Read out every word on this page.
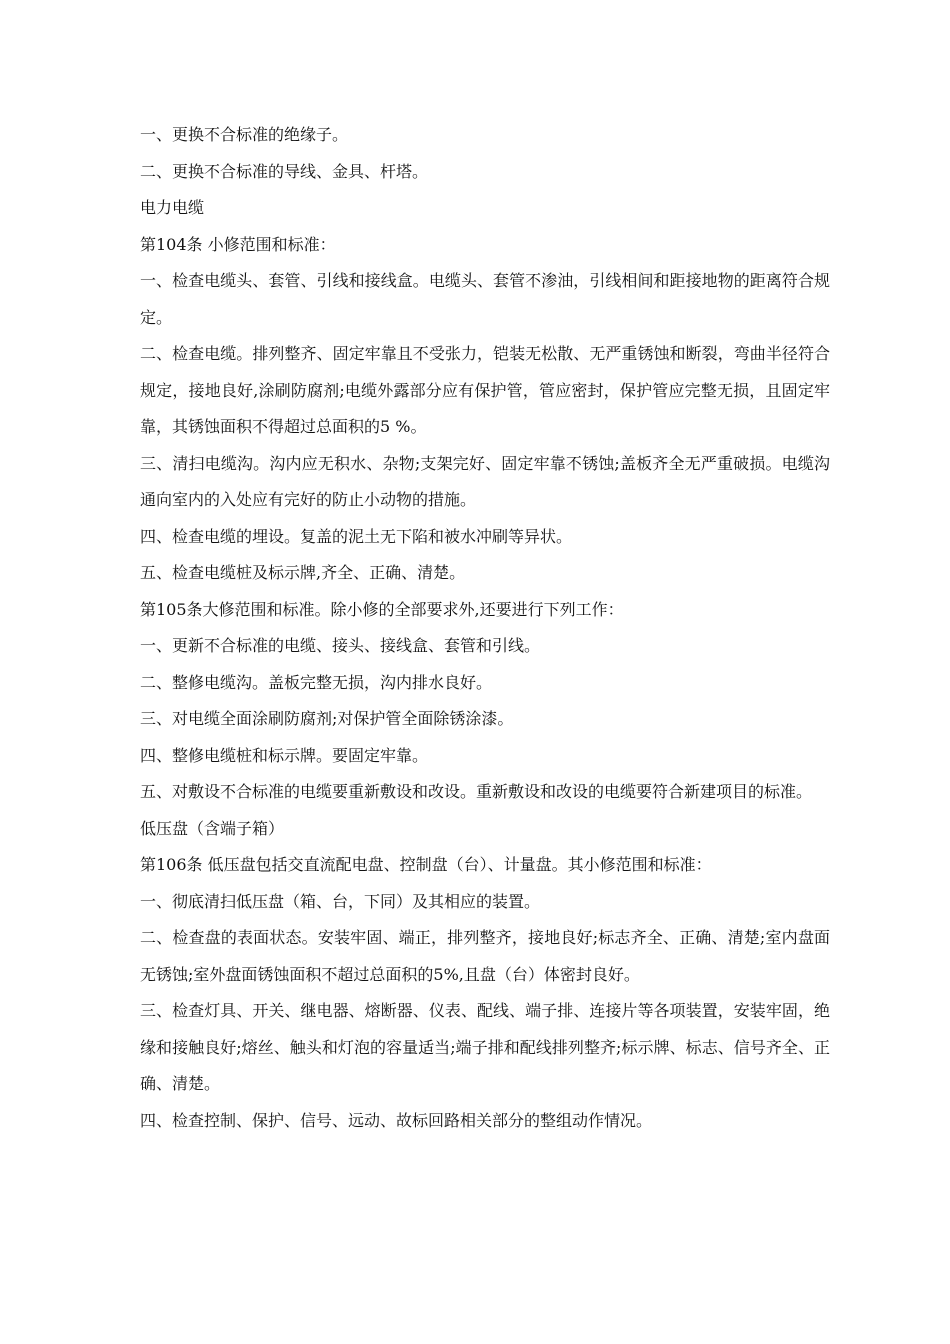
一、更换不合标准的绝缘子。

二、更换不合标准的导线、金具、杆塔。

电力电缆

第104条 小修范围和标准：

一、检查电缆头、套管、引线和接线盒。电缆头、套管不渗油，引线相间和距接地物的距离符合规定。

二、检查电缆。排列整齐、固定牢靠且不受张力，铠装无松散、无严重锈蚀和断裂，弯曲半径符合规定，接地良好,涂刷防腐剂;电缆外露部分应有保护管，管应密封，保护管应完整无损，且固定牢靠，其锈蚀面积不得超过总面积的5 %。

三、清扫电缆沟。沟内应无积水、杂物;支架完好、固定牢靠不锈蚀;盖板齐全无严重破损。电缆沟通向室内的入处应有完好的防止小动物的措施。

四、检查电缆的埋设。复盖的泥土无下陷和被水冲刷等异状。

五、检查电缆桩及标示牌,齐全、正确、清楚。

第105条大修范围和标准。除小修的全部要求外,还要进行下列工作：

一、更新不合标准的电缆、接头、接线盒、套管和引线。

二、整修电缆沟。盖板完整无损，沟内排水良好。

三、对电缆全面涂刷防腐剂;对保护管全面除锈涂漆。

四、整修电缆桩和标示牌。要固定牢靠。

五、对敷设不合标准的电缆要重新敷设和改设。重新敷设和改设的电缆要符合新建项目的标准。

低压盘（含端子箱）

第106条 低压盘包括交直流配电盘、控制盘（台）、计量盘。其小修范围和标准：

一、彻底清扫低压盘（箱、台，下同）及其相应的装置。

二、检查盘的表面状态。安装牢固、端正，排列整齐，接地良好;标志齐全、正确、清楚;室内盘面无锈蚀;室外盘面锈蚀面积不超过总面积的5%,且盘（台）体密封良好。

三、检查灯具、开关、继电器、熔断器、仪表、配线、端子排、连接片等各项装置，安装牢固，绝缘和接触良好;熔丝、触头和灯泡的容量适当;端子排和配线排列整齐;标示牌、标志、信号齐全、正确、清楚。

四、检查控制、保护、信号、远动、故标回路相关部分的整组动作情况。
